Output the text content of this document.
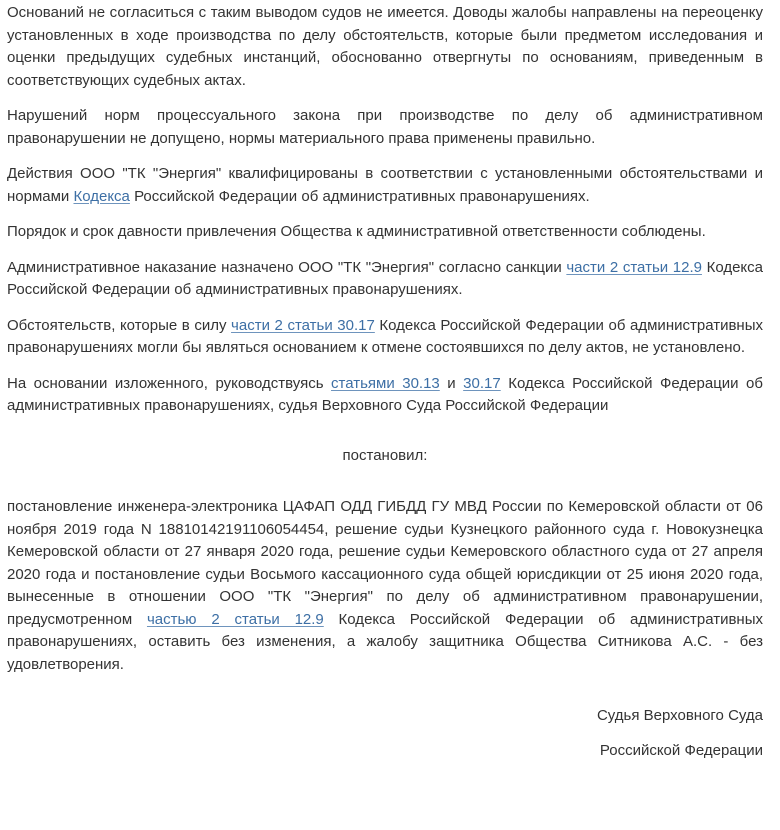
Оснований не согласиться с таким выводом судов не имеется. Доводы жалобы направлены на переоценку установленных в ходе производства по делу обстоятельств, которые были предметом исследования и оценки предыдущих судебных инстанций, обоснованно отвергнуты по основаниям, приведенным в соответствующих судебных актах.

Нарушений норм процессуального закона при производстве по делу об административном правонарушении не допущено, нормы материального права применены правильно.

Действия ООО "ТК "Энергия" квалифицированы в соответствии с установленными обстоятельствами и нормами Кодекса Российской Федерации об административных правонарушениях.

Порядок и срок давности привлечения Общества к административной ответственности соблюдены.

Административное наказание назначено ООО "ТК "Энергия" согласно санкции части 2 статьи 12.9 Кодекса Российской Федерации об административных правонарушениях.

Обстоятельств, которые в силу части 2 статьи 30.17 Кодекса Российской Федерации об административных правонарушениях могли бы являться основанием к отмене состоявшихся по делу актов, не установлено.

На основании изложенного, руководствуясь статьями 30.13 и 30.17 Кодекса Российской Федерации об административных правонарушениях, судья Верховного Суда Российской Федерации

постановил:

постановление инженера-электроника ЦАФАП ОДД ГИБДД ГУ МВД России по Кемеровской области от 06 ноября 2019 года N 18810142191106054454, решение судьи Кузнецкого районного суда г. Новокузнецка Кемеровской области от 27 января 2020 года, решение судьи Кемеровского областного суда от 27 апреля 2020 года и постановление судьи Восьмого кассационного суда общей юрисдикции от 25 июня 2020 года, вынесенные в отношении ООО "ТК "Энергия" по делу об административном правонарушении, предусмотренном частью 2 статьи 12.9 Кодекса Российской Федерации об административных правонарушениях, оставить без изменения, а жалобу защитника Общества Ситникова А.С. - без удовлетворения.

Судья Верховного Суда

Российской Федерации
